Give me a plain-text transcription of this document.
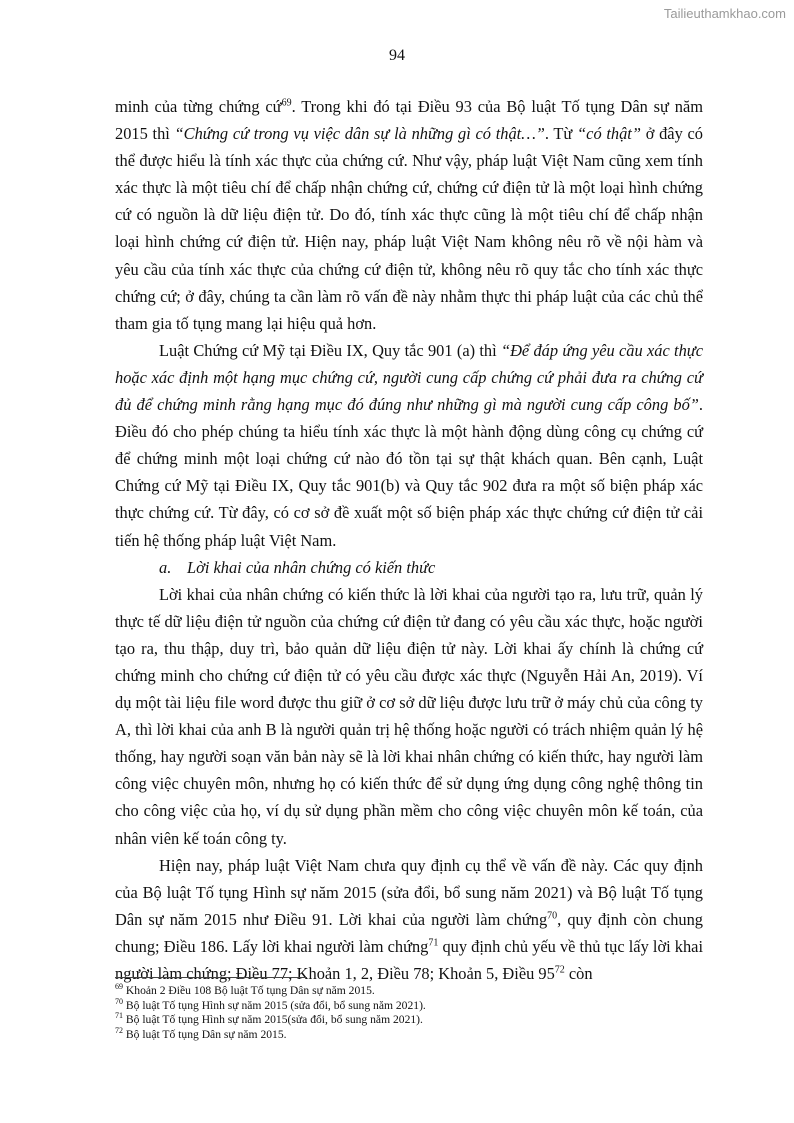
Tailieuthamkhao.com
94

minh của từng chứng cứ$^{69}$. Trong khi đó tại Điều 93 của Bộ luật Tố tụng Dân sự năm 2015 thì “Chứng cứ trong vụ việc dân sự là những gì có thật…”. Từ “có thật” ở đây có thể được hiểu là tính xác thực của chứng cứ. Như vậy, pháp luật Việt Nam cũng xem tính xác thực là một tiêu chí để chấp nhận chứng cứ, chứng cứ điện tử là một loại hình chứng cứ có nguồn là dữ liệu điện tử. Do đó, tính xác thực cũng là một tiêu chí để chấp nhận loại hình chứng cứ điện tử. Hiện nay, pháp luật Việt Nam không nêu rõ về nội hàm và yêu cầu của tính xác thực của chứng cứ điện tử, không nêu rõ quy tắc cho tính xác thực chứng cứ; ở đây, chúng ta cần làm rõ vấn đề này nhằm thực thi pháp luật của các chủ thể tham gia tố tụng mang lại hiệu quả hơn.

Luật Chứng cứ Mỹ tại Điều IX, Quy tắc 901 (a) thì “Để đáp ứng yêu cầu xác thực hoặc xác định một hạng mục chứng cứ, người cung cấp chứng cứ phải đưa ra chứng cứ đủ để chứng minh rằng hạng mục đó đúng như những gì mà người cung cấp công bố”. Điều đó cho phép chúng ta hiểu tính xác thực là một hành động dùng công cụ chứng cứ để chứng minh một loại chứng cứ nào đó tồn tại sự thật khách quan. Bên cạnh, Luật Chứng cứ Mỹ tại Điều IX, Quy tắc 901(b) và Quy tắc 902 đưa ra một số biện pháp xác thực chứng cứ. Từ đây, có cơ sở đề xuất một số biện pháp xác thực chứng cứ điện tử cải tiến hệ thống pháp luật Việt Nam.

a. Lời khai của nhân chứng có kiến thức

Lời khai của nhân chứng có kiến thức là lời khai của người tạo ra, lưu trữ, quản lý thực tế dữ liệu điện tử nguồn của chứng cứ điện tử đang có yêu cầu xác thực, hoặc người tạo ra, thu thập, duy trì, bảo quản dữ liệu điện tử này. Lời khai ấy chính là chứng cứ chứng minh cho chứng cứ điện tử có yêu cầu được xác thực (Nguyễn Hải An, 2019). Ví dụ một tài liệu file word được thu giữ ở cơ sở dữ liệu được lưu trữ ở máy chủ của công ty A, thì lời khai của anh B là người quản trị hệ thống hoặc người có trách nhiệm quản lý hệ thống, hay người soạn văn bản này sẽ là lời khai nhân chứng có kiến thức, hay người làm công việc chuyên môn, nhưng họ có kiến thức để sử dụng ứng dụng công nghệ thông tin cho công việc của họ, ví dụ sử dụng phần mềm cho công việc chuyên môn kế toán, của nhân viên kế toán công ty.

Hiện nay, pháp luật Việt Nam chưa quy định cụ thể về vấn đề này. Các quy định của Bộ luật Tố tụng Hình sự năm 2015 (sửa đổi, bổ sung năm 2021) và Bộ luật Tố tụng Dân sự năm 2015 như Điều 91. Lời khai của người làm chứng$^{70}$, quy định còn chung chung; Điều 186. Lấy lời khai người làm chứng$^{71}$ quy định chủ yếu về thủ tục lấy lời khai người làm chứng; Điều 77; Khoản 1, 2, Điều 78; Khoản 5, Điều $95^{72}$ còn

$^{69}$ Khoản 2 Điều 108 Bộ luật Tố tụng Dân sự năm 2015.
$^{70}$ Bộ luật Tố tụng Hình sự năm 2015 (sửa đổi, bổ sung năm 2021).
$^{71}$ Bộ luật Tố tụng Hình sự năm 2015(sửa đổi, bổ sung năm 2021).
$^{72}$ Bộ luật Tố tụng Dân sự năm 2015.
